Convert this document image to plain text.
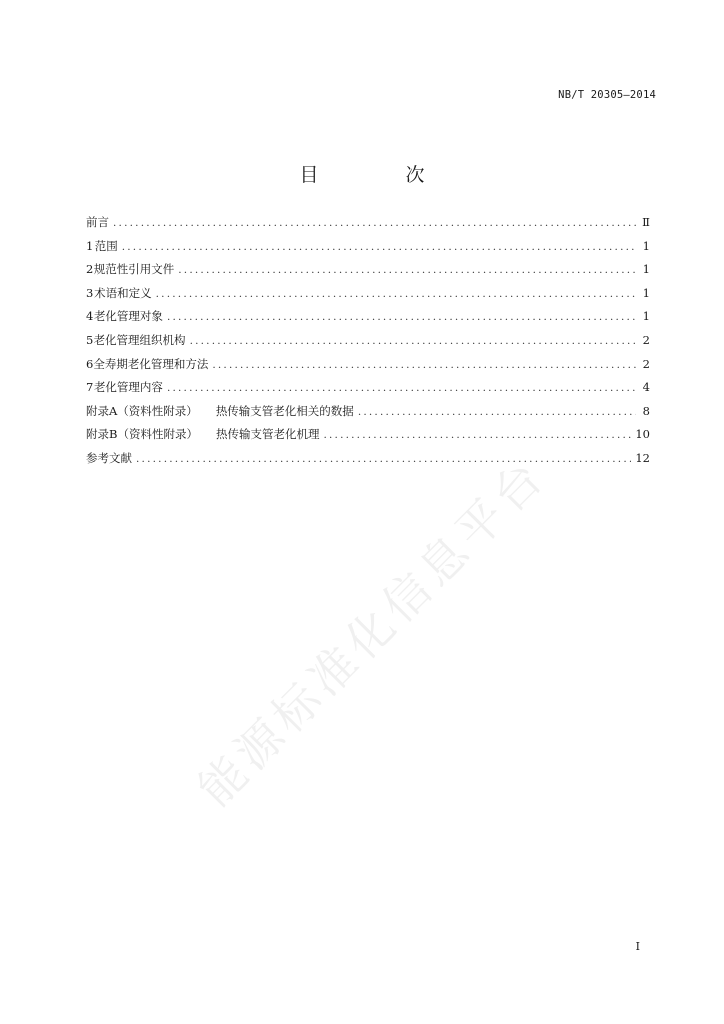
NB/T 20305—2014
目　次
前言 .....	Ⅱ
1 范围 .....	1
2 规范性引用文件 .....	1
3 术语和定义 .....	1
4 老化管理对象 .....	1
5 老化管理组织机构 .....	2
6 全寿期老化管理和方法 .....	2
7 老化管理内容 .....	4
附录A（资料性附录） 热传输支管老化相关的数据 .....	8
附录B（资料性附录） 热传输支管老化机理 .....	10
参考文献 .....	12
能源标准化信息平台
I
